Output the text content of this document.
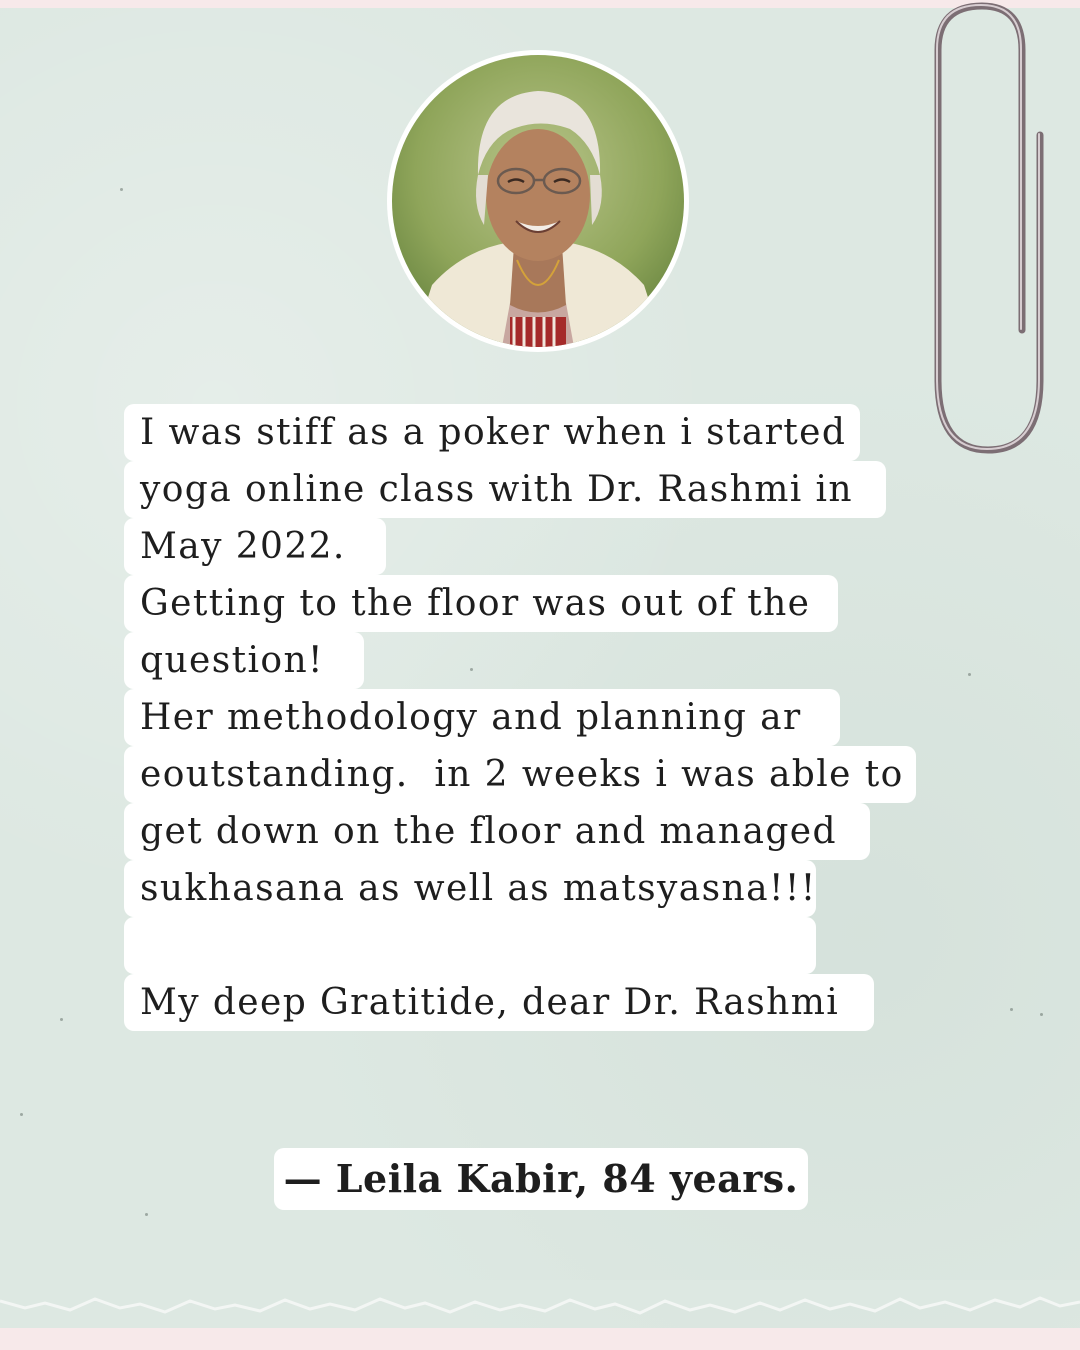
I was stiff as a poker when i started
yoga online class with Dr. Rashmi in
May 2022.
Getting to the floor was out of the
question!
Her methodology and planning ar
eoutstanding.  in 2 weeks i was able to
get down on the floor and managed
sukhasana as well as matsyasna!!!
My deep Gratitide, dear Dr. Rashmi
— Leila Kabir, 84 years.
